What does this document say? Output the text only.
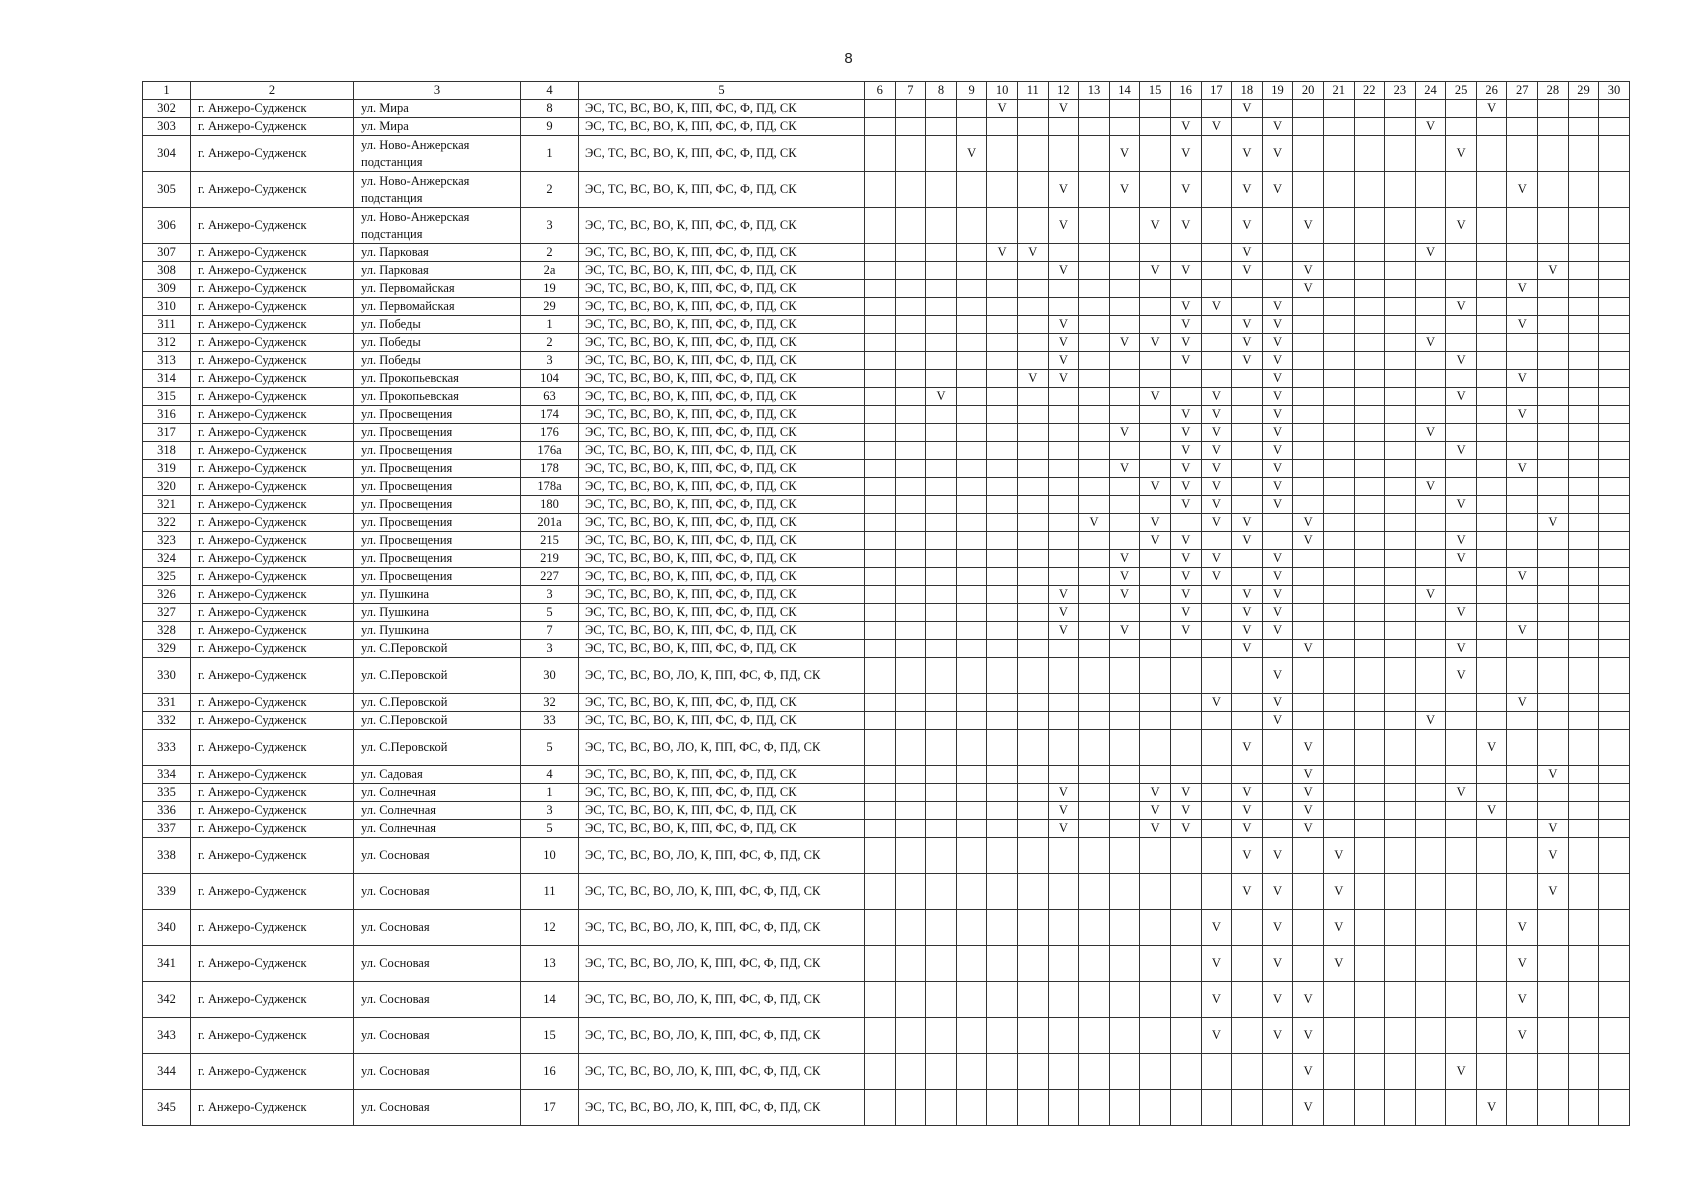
8
1	2	3	4	5	6	7	8	9	10	11	12	13	14	15	16	17	18	19	20	21	22	23	24	25	26	27	28	29	30
302	г. Анжеро-Судженск	ул. Мира	8	ЭС, ТС, ВС, ВО, К, ПП, ФС, Ф, ПД, СК					V		V						V								V				
303	г. Анжеро-Судженск	ул. Мира	9	ЭС, ТС, ВС, ВО, К, ПП, ФС, Ф, ПД, СК											V	V		V					V						
304	г. Анжеро-Судженск	ул. Ново-Анжерская подстанция	1	ЭС, ТС, ВС, ВО, К, ПП, ФС, Ф, ПД, СК				V					V		V		V	V						V					
305	г. Анжеро-Судженск	ул. Ново-Анжерская подстанция	2	ЭС, ТС, ВС, ВО, К, ПП, ФС, Ф, ПД, СК							V		V		V		V	V								V			
306	г. Анжеро-Судженск	ул. Ново-Анжерская подстанция	3	ЭС, ТС, ВС, ВО, К, ПП, ФС, Ф, ПД, СК							V			V	V		V		V					V					
307	г. Анжеро-Судженск	ул. Парковая	2	ЭС, ТС, ВС, ВО, К, ПП, ФС, Ф, ПД, СК					V	V							V						V						
308	г. Анжеро-Судженск	ул. Парковая	2а	ЭС, ТС, ВС, ВО, К, ПП, ФС, Ф, ПД, СК							V			V	V		V		V								V		
309	г. Анжеро-Судженск	ул. Первомайская	19	ЭС, ТС, ВС, ВО, К, ПП, ФС, Ф, ПД, СК															V							V			
310	г. Анжеро-Судженск	ул. Первомайская	29	ЭС, ТС, ВС, ВО, К, ПП, ФС, Ф, ПД, СК											V	V		V						V					
311	г. Анжеро-Судженск	ул. Победы	1	ЭС, ТС, ВС, ВО, К, ПП, ФС, Ф, ПД, СК							V				V		V	V								V			
312	г. Анжеро-Судженск	ул. Победы	2	ЭС, ТС, ВС, ВО, К, ПП, ФС, Ф, ПД, СК							V		V	V	V		V	V					V						
313	г. Анжеро-Судженск	ул. Победы	3	ЭС, ТС, ВС, ВО, К, ПП, ФС, Ф, ПД, СК							V				V		V	V						V					
314	г. Анжеро-Судженск	ул. Прокопьевская	104	ЭС, ТС, ВС, ВО, К, ПП, ФС, Ф, ПД, СК						V	V							V								V			
315	г. Анжеро-Судженск	ул. Прокопьевская	63	ЭС, ТС, ВС, ВО, К, ПП, ФС, Ф, ПД, СК			V							V		V		V						V					
316	г. Анжеро-Судженск	ул. Просвещения	174	ЭС, ТС, ВС, ВО, К, ПП, ФС, Ф, ПД, СК											V	V		V								V			
317	г. Анжеро-Судженск	ул. Просвещения	176	ЭС, ТС, ВС, ВО, К, ПП, ФС, Ф, ПД, СК									V		V	V		V					V						
318	г. Анжеро-Судженск	ул. Просвещения	176а	ЭС, ТС, ВС, ВО, К, ПП, ФС, Ф, ПД, СК											V	V		V						V					
319	г. Анжеро-Судженск	ул. Просвещения	178	ЭС, ТС, ВС, ВО, К, ПП, ФС, Ф, ПД, СК									V		V	V		V								V			
320	г. Анжеро-Судженск	ул. Просвещения	178а	ЭС, ТС, ВС, ВО, К, ПП, ФС, Ф, ПД, СК										V	V	V		V					V						
321	г. Анжеро-Судженск	ул. Просвещения	180	ЭС, ТС, ВС, ВО, К, ПП, ФС, Ф, ПД, СК											V	V		V						V					
322	г. Анжеро-Судженск	ул. Просвещения	201а	ЭС, ТС, ВС, ВО, К, ПП, ФС, Ф, ПД, СК								V		V		V	V		V								V		
323	г. Анжеро-Судженск	ул. Просвещения	215	ЭС, ТС, ВС, ВО, К, ПП, ФС, Ф, ПД, СК										V	V		V		V					V					
324	г. Анжеро-Судженск	ул. Просвещения	219	ЭС, ТС, ВС, ВО, К, ПП, ФС, Ф, ПД, СК									V		V	V		V						V					
325	г. Анжеро-Судженск	ул. Просвещения	227	ЭС, ТС, ВС, ВО, К, ПП, ФС, Ф, ПД, СК									V		V	V		V								V			
326	г. Анжеро-Судженск	ул. Пушкина	3	ЭС, ТС, ВС, ВО, К, ПП, ФС, Ф, ПД, СК							V		V		V		V	V					V						
327	г. Анжеро-Судженск	ул. Пушкина	5	ЭС, ТС, ВС, ВО, К, ПП, ФС, Ф, ПД, СК							V				V		V	V						V					
328	г. Анжеро-Судженск	ул. Пушкина	7	ЭС, ТС, ВС, ВО, К, ПП, ФС, Ф, ПД, СК							V		V		V		V	V								V			
329	г. Анжеро-Судженск	ул. С.Перовской	3	ЭС, ТС, ВС, ВО, К, ПП, ФС, Ф, ПД, СК													V		V					V					
330	г. Анжеро-Судженск	ул. С.Перовской	30	ЭС, ТС, ВС, ВО, ЛО, К, ПП, ФС, Ф, ПД, СК														V						V					
331	г. Анжеро-Судженск	ул. С.Перовской	32	ЭС, ТС, ВС, ВО, К, ПП, ФС, Ф, ПД, СК												V		V								V			
332	г. Анжеро-Судженск	ул. С.Перовской	33	ЭС, ТС, ВС, ВО, К, ПП, ФС, Ф, ПД, СК														V					V						
333	г. Анжеро-Судженск	ул. С.Перовской	5	ЭС, ТС, ВС, ВО, ЛО, К, ПП, ФС, Ф, ПД, СК													V		V						V				
334	г. Анжеро-Судженск	ул. Садовая	4	ЭС, ТС, ВС, ВО, К, ПП, ФС, Ф, ПД, СК															V								V		
335	г. Анжеро-Судженск	ул. Солнечная	1	ЭС, ТС, ВС, ВО, К, ПП, ФС, Ф, ПД, СК							V			V	V		V		V					V					
336	г. Анжеро-Судженск	ул. Солнечная	3	ЭС, ТС, ВС, ВО, К, ПП, ФС, Ф, ПД, СК							V			V	V		V		V						V				
337	г. Анжеро-Судженск	ул. Солнечная	5	ЭС, ТС, ВС, ВО, К, ПП, ФС, Ф, ПД, СК							V			V	V		V		V								V		
338	г. Анжеро-Судженск	ул. Сосновая	10	ЭС, ТС, ВС, ВО, ЛО, К, ПП, ФС, Ф, ПД, СК													V	V		V							V		
339	г. Анжеро-Судженск	ул. Сосновая	11	ЭС, ТС, ВС, ВО, ЛО, К, ПП, ФС, Ф, ПД, СК													V	V		V							V		
340	г. Анжеро-Судженск	ул. Сосновая	12	ЭС, ТС, ВС, ВО, ЛО, К, ПП, ФС, Ф, ПД, СК												V		V		V						V			
341	г. Анжеро-Судженск	ул. Сосновая	13	ЭС, ТС, ВС, ВО, ЛО, К, ПП, ФС, Ф, ПД, СК												V		V		V						V			
342	г. Анжеро-Судженск	ул. Сосновая	14	ЭС, ТС, ВС, ВО, ЛО, К, ПП, ФС, Ф, ПД, СК												V		V	V							V			
343	г. Анжеро-Судженск	ул. Сосновая	15	ЭС, ТС, ВС, ВО, ЛО, К, ПП, ФС, Ф, ПД, СК												V		V	V							V			
344	г. Анжеро-Судженск	ул. Сосновая	16	ЭС, ТС, ВС, ВО, ЛО, К, ПП, ФС, Ф, ПД, СК															V					V					
345	г. Анжеро-Судженск	ул. Сосновая	17	ЭС, ТС, ВС, ВО, ЛО, К, ПП, ФС, Ф, ПД, СК															V						V				
